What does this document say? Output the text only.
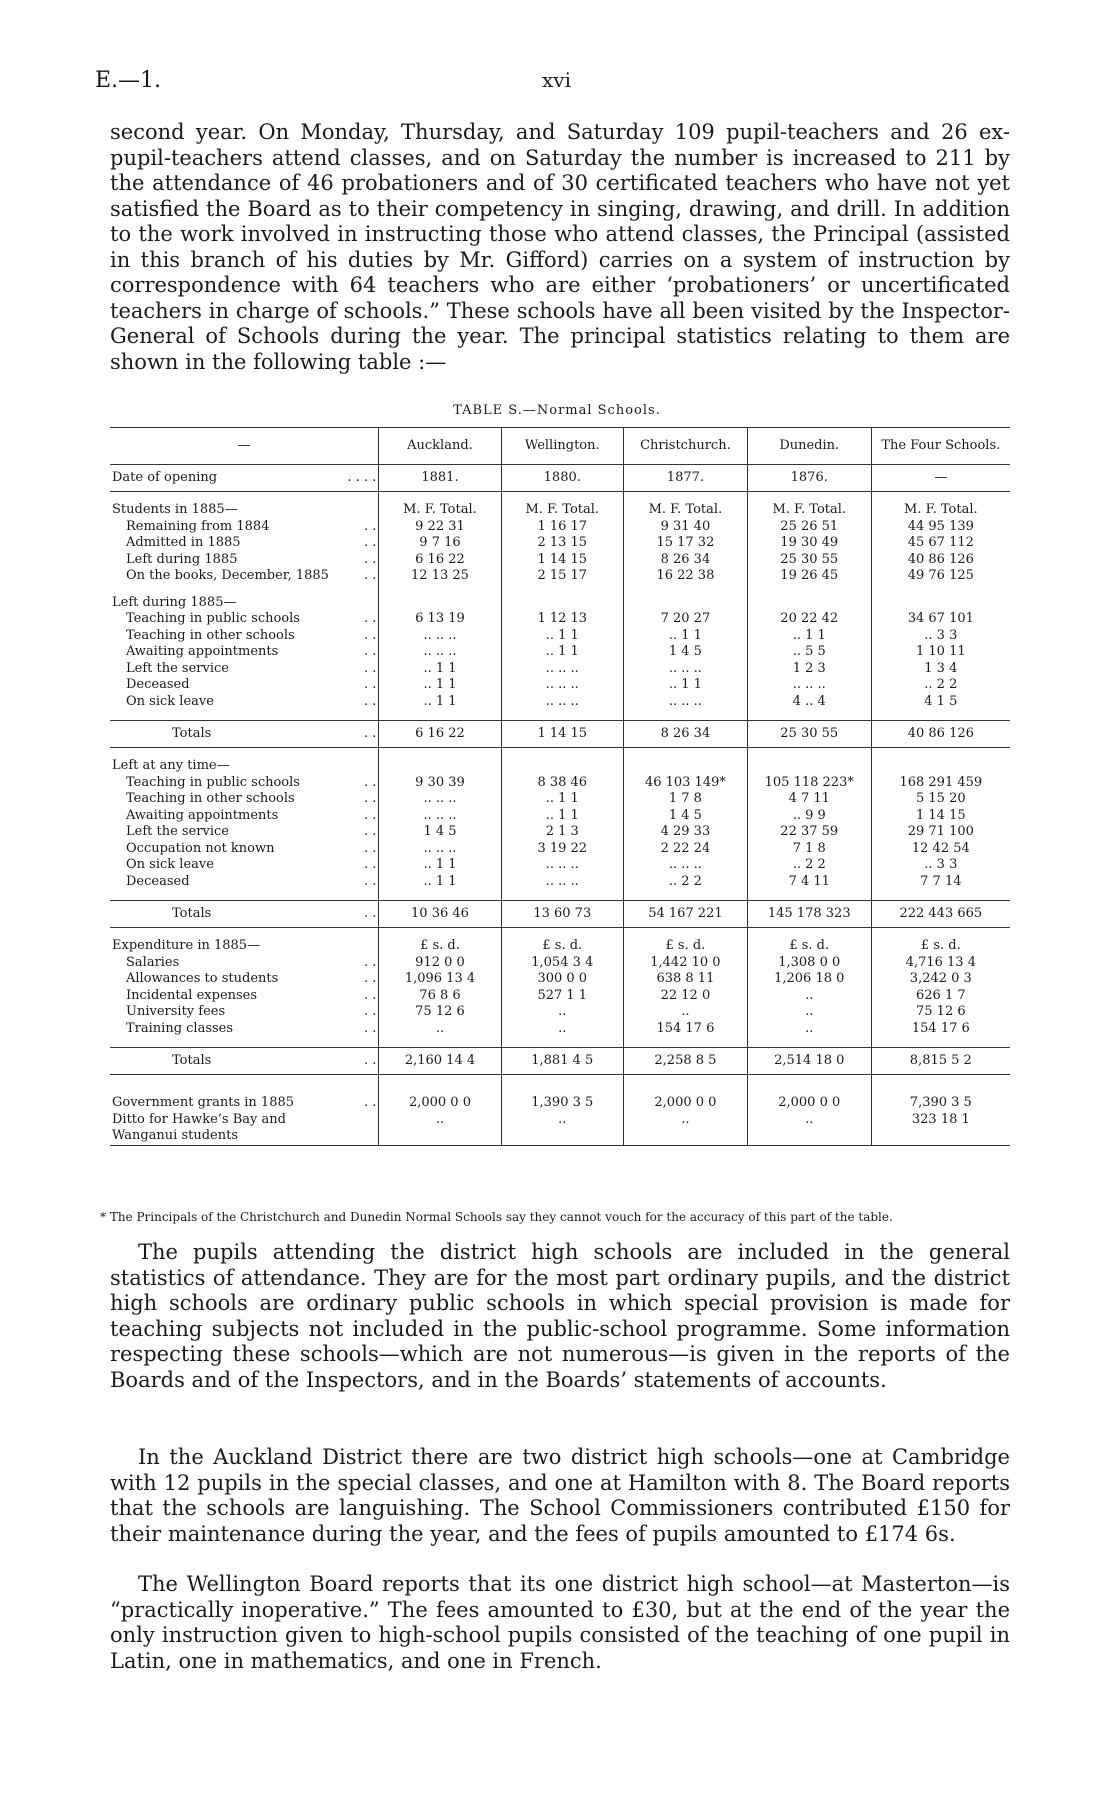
E.—1.	xvi
second year. On Monday, Thursday, and Saturday 109 pupil-teachers and 26 ex-pupil-teachers attend classes, and on Saturday the number is increased to 211 by the attendance of 46 probationers and of 30 certificated teachers who have not yet satisfied the Board as to their competency in singing, drawing, and drill. In addition to the work involved in instructing those who attend classes, the Principal (assisted in this branch of his duties by Mr. Gifford) carries on a system of instruction by correspondence with 64 teachers who are either ‘probationers’ or uncertificated teachers in charge of schools.” These schools have all been visited by the Inspector-General of Schools during the year. The principal statistics relating to them are shown in the following table :—
TABLE S.—Normal Schools.
—		Auckland.	Wellington.	Christchurch.	Dunedin.	The Four Schools.
Date of opening	. . . .	1881.	1880.	1877.	1876.	—

Students in 1885—		M. F. Total.	M. F. Total.	M. F. Total.	M. F. Total.	M. F. Total.
Remaining from 1884	. .	9 22 31	1 16 17	9 31 40	25 26 51	44 95 139
Admitted in 1885	. .	9 7 16	2 13 15	15 17 32	19 30 49	45 67 112
Left during 1885	. .	6 16 22	1 14 15	8 26 34	25 30 55	40 86 126
On the books, December, 1885	. .	12 13 25	2 15 17	16 22 38	19 26 45	49 76 125

Left during 1885—						
Teaching in public schools	. .	6 13 19	1 12 13	7 20 27	20 22 42	34 67 101
Teaching in other schools	. .	.. .. ..	.. 1 1	.. 1 1	.. 1 1	.. 3 3
Awaiting appointments	. .	.. .. ..	.. 1 1	1 4 5	.. 5 5	1 10 11
Left the service	. .	.. 1 1	.. .. ..	.. .. ..	1 2 3	1 3 4
Deceased	. .	.. 1 1	.. .. ..	.. 1 1	.. .. ..	.. 2 2
On sick leave	. .	.. 1 1	.. .. ..	.. .. ..	4 .. 4	4 1 5

Totals	. .	6 16 22	1 14 15	8 26 34	25 30 55	40 86 126

Left at any time—						
Teaching in public schools	. .	9 30 39	8 38 46	46 103 149*	105 118 223*	168 291 459
Teaching in other schools	. .	.. .. ..	.. 1 1	1 7 8	4 7 11	5 15 20
Awaiting appointments	. .	.. .. ..	.. 1 1	1 4 5	.. 9 9	1 14 15
Left the service	. .	1 4 5	2 1 3	4 29 33	22 37 59	29 71 100
Occupation not known	. .	.. .. ..	3 19 22	2 22 24	7 1 8	12 42 54
On sick leave	. .	.. 1 1	.. .. ..	.. .. ..	.. 2 2	.. 3 3
Deceased	. .	.. 1 1	.. .. ..	.. 2 2	7 4 11	7 7 14

Totals	. .	10 36 46	13 60 73	54 167 221	145 178 323	222 443 665

Expenditure in 1885—		£ s. d.	£ s. d.	£ s. d.	£ s. d.	£ s. d.
Salaries	. .	912 0 0	1,054 3 4	1,442 10 0	1,308 0 0	4,716 13 4
Allowances to students	. .	1,096 13 4	300 0 0	638 8 11	1,206 18 0	3,242 0 3
Incidental expenses	. .	76 8 6	527 1 1	22 12 0	..	626 1 7
University fees	. .	75 12 6	..	..	..	75 12 6
Training classes	. .	..	..	154 17 6	..	154 17 6

Totals	. .	2,160 14 4	1,881 4 5	2,258 8 5	2,514 18 0	8,815 5 2

Government grants in 1885	. .	2,000 0 0	1,390 3 5	2,000 0 0	2,000 0 0	7,390 3 5
Ditto for Hawke’s Bay and Wanganui students		..	..	..	..	323 18 1
* The Principals of the Christchurch and Dunedin Normal Schools say they cannot vouch for the accuracy of this part of the table.
The pupils attending the district high schools are included in the general statistics of attendance. They are for the most part ordinary pupils, and the district high schools are ordinary public schools in which special provision is made for teaching subjects not included in the public-school programme. Some information respecting these schools—which are not numerous—is given in the reports of the Boards and of the Inspectors, and in the Boards’ statements of accounts.
In the Auckland District there are two district high schools—one at Cambridge with 12 pupils in the special classes, and one at Hamilton with 8. The Board reports that the schools are languishing. The School Commissioners contributed £150 for their maintenance during the year, and the fees of pupils amounted to £174 6s.
The Wellington Board reports that its one district high school—at Masterton—is “practically inoperative.” The fees amounted to £30, but at the end of the year the only instruction given to high-school pupils consisted of the teaching of one pupil in Latin, one in mathematics, and one in French.
